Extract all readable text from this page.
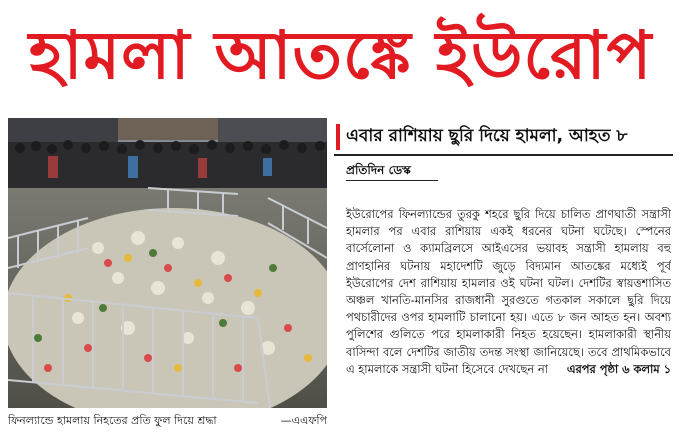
হামলা আতঙ্কে ইউরোপ
ফিনল্যান্ডে হামলায় নিহতের প্রতি ফুল দিয়ে শ্রদ্ধা	—এএফপি
এবার রাশিয়ায় ছুরি দিয়ে হামলা, আহত ৮
প্রতিদিন ডেস্ক
ইউরোপের ফিনল্যান্ডের তুরকু শহরে ছুরি দিয়ে চালিত প্রাণঘাতী সন্ত্রাসী হামলার পর এবার রাশিয়ায় একই ধরনের ঘটনা ঘটেছে। স্পেনের বার্সেলোনা ও ক্যামব্রিলসে আইএসের ভয়াবহ সন্ত্রাসী হামলায় বহু প্রাণহানির ঘটনায় মহাদেশটি জুড়ে বিদ্যমান আতঙ্কের মধ্যেই পূর্ব ইউরোপের দেশ রাশিয়ায় হামলার ওই ঘটনা ঘটল। দেশটির স্বায়ত্তশাসিত অঞ্চল খানতি-মানসির রাজধানী সুরগুতে গতকাল সকালে ছুরি দিয়ে পথচারীদের ওপর হামলাটি চালানো হয়। এতে ৮ জন আহত হন। অবশ্য পুলিশের গুলিতে পরে হামলাকারী নিহত হয়েছেন। হামলাকারী স্থানীয় বাসিন্দা বলে দেশটির জাতীয় তদন্ত সংস্থা জানিয়েছে। তবে প্রাথমিকভাবে এ হামলাকে সন্ত্রাসী ঘটনা হিসেবে দেখছেন না এরপর পৃষ্ঠা ৬ কলাম ১
